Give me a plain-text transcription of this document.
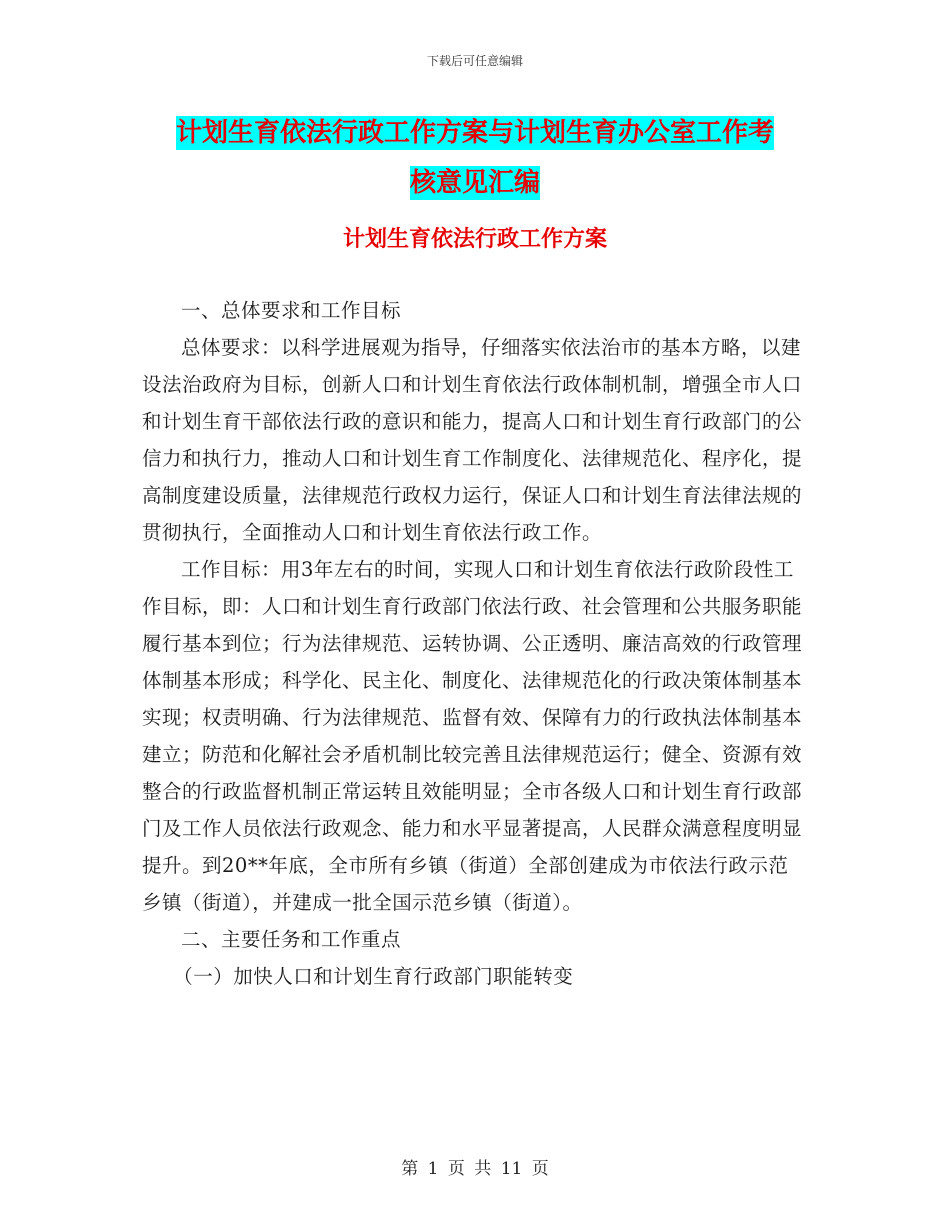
下载后可任意编辑
计划生育依法行政工作方案与计划生育办公室工作考
核意见汇编
计划生育依法行政工作方案

一、总体要求和工作目标

总体要求：以科学进展观为指导，仔细落实依法治市的基本方略，以建设法治政府为目标，创新人口和计划生育依法行政体制机制，增强全市人口和计划生育干部依法行政的意识和能力，提高人口和计划生育行政部门的公信力和执行力，推动人口和计划生育工作制度化、法律规范化、程序化，提高制度建设质量，法律规范行政权力运行，保证人口和计划生育法律法规的贯彻执行，全面推动人口和计划生育依法行政工作。

工作目标：用3年左右的时间，实现人口和计划生育依法行政阶段性工作目标，即：人口和计划生育行政部门依法行政、社会管理和公共服务职能履行基本到位；行为法律规范、运转协调、公正透明、廉洁高效的行政管理体制基本形成；科学化、民主化、制度化、法律规范化的行政决策体制基本实现；权责明确、行为法律规范、监督有效、保障有力的行政执法体制基本建立；防范和化解社会矛盾机制比较完善且法律规范运行；健全、资源有效整合的行政监督机制正常运转且效能明显；全市各级人口和计划生育行政部门及工作人员依法行政观念、能力和水平显著提高，人民群众满意程度明显提升。到20**年底，全市所有乡镇（街道）全部创建成为市依法行政示范乡镇（街道），并建成一批全国示范乡镇（街道）。

二、主要任务和工作重点

（一）加快人口和计划生育行政部门职能转变

第 1 页 共 11 页
